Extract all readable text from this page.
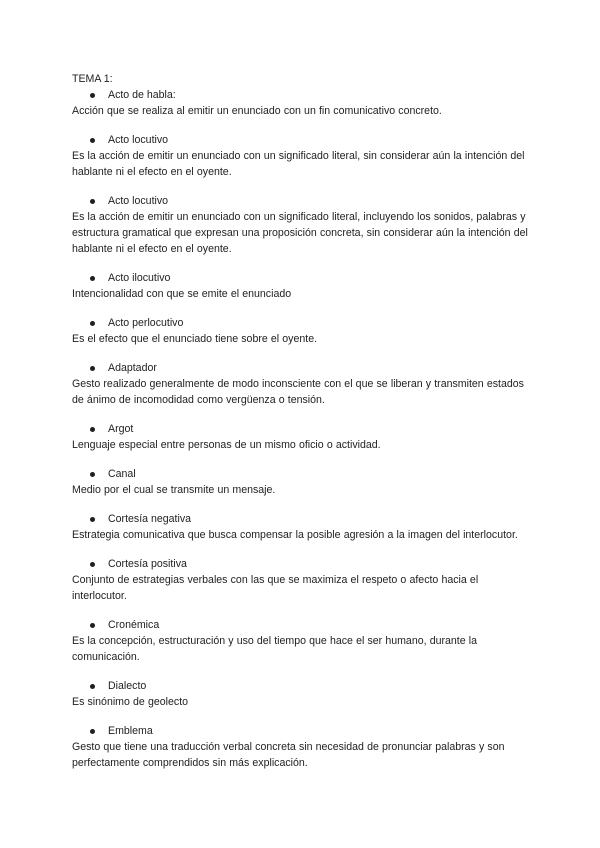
TEMA 1:
Acto de habla:

Acción que se realiza al emitir un enunciado con un fin comunicativo concreto.

Acto locutivo

Es la acción de emitir un enunciado con un significado literal, sin considerar aún la intención del hablante ni el efecto en el oyente.

Acto locutivo

Es la acción de emitir un enunciado con un significado literal, incluyendo los sonidos, palabras y estructura gramatical que expresan una proposición concreta, sin considerar aún la intención del hablante ni el efecto en el oyente.

Acto ilocutivo

Intencionalidad con que se emite el enunciado

Acto perlocutivo

Es el efecto que el enunciado tiene sobre el oyente.

Adaptador

Gesto realizado generalmente de modo inconsciente con el que se liberan y transmiten estados de ánimo de incomodidad como vergüenza o tensión.

Argot

Lenguaje especial entre personas de un mismo oficio o actividad.

Canal

Medio por el cual se transmite un mensaje.

Cortesía negativa

Estrategia comunicativa que busca compensar la posible agresión a la imagen del interlocutor.

Cortesía positiva

Conjunto de estrategias verbales con las que se maximiza el respeto o afecto hacia el interlocutor.

Cronémica

Es la concepción, estructuración y uso del tiempo que hace el ser humano, durante la comunicación.

Dialecto

Es sinónimo de geolecto

Emblema

Gesto que tiene una traducción verbal concreta sin necesidad de pronunciar palabras y son perfectamente comprendidos sin más explicación.
